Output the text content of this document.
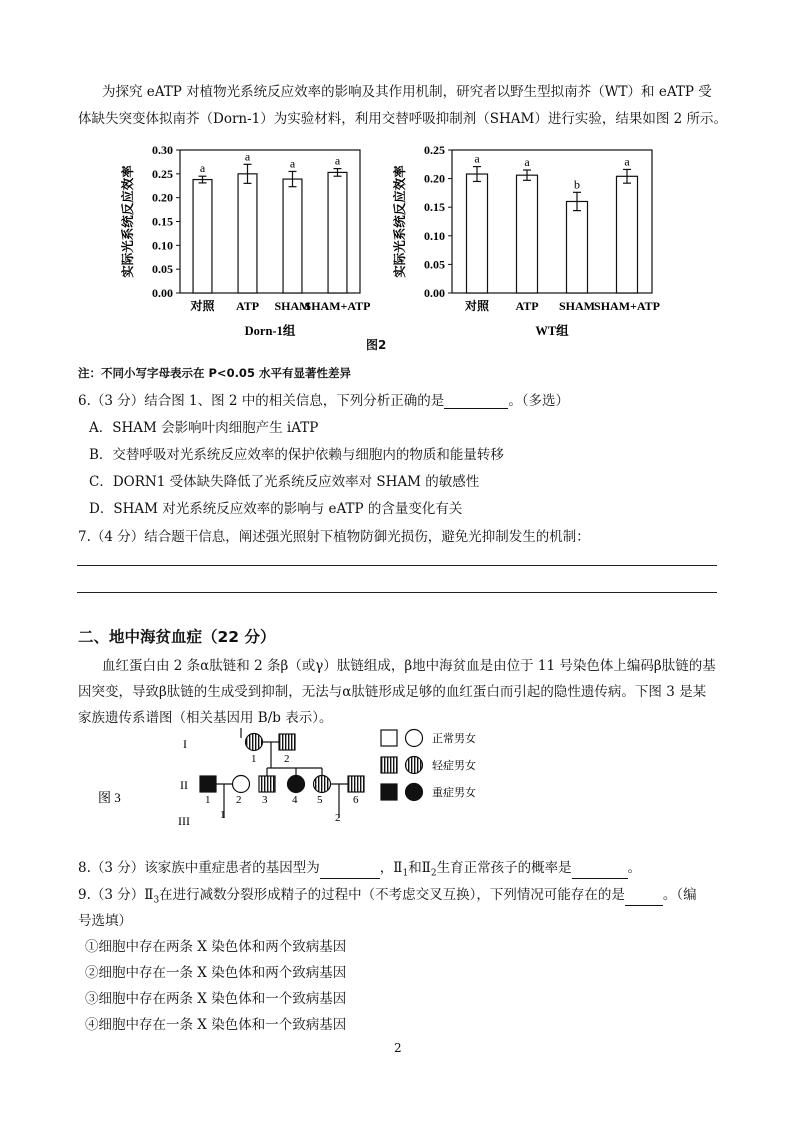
为探究 eATP 对植物光系统反应效率的影响及其作用机制，研究者以野生型拟南芥（WT）和 eATP 受
体缺失突变体拟南芥（Dorn-1）为实验材料，利用交替呼吸抑制剂（SHAM）进行实验，结果如图 2 所示。
0.00
0.05
0.10
0.15
0.20
0.25
0.30
实际光系统反应效率	a
对照
a
ATP
a
SHAM
a
SHAM+ATP
Dorn-1组
0.00
0.05
0.10
0.15
0.20
0.25
实际光系统反应效率
a
对照
a
ATP
b
SHAM
a
SHAM+ATP
WT组
图2
注：不同小写字母表示在 P<0.05 水平有显著性差异
6.（3 分）结合图 1、图 2 中的相关信息，下列分析正确的是	。（多选）
A．SHAM 会影响叶肉细胞产生 iATP
B．交替呼吸对光系统反应效率的保护依赖与细胞内的物质和能量转移
C．DORN1 受体缺失降低了光系统反应效率对 SHAM 的敏感性
D．SHAM 对光系统反应效率的影响与 eATP 的含量变化有关
7.（4 分）结合题干信息，阐述强光照射下植物防御光损伤，避免光抑制发生的机制：
二、地中海贫血症（22 分）
血红蛋白由 2 条α肽链和 2 条β（或γ）肽链组成，β地中海贫血是由位于 11 号染色体上编码β肽链的基
因突变，导致β肽链的生成受到抑制，无法与α肽链形成足够的血红蛋白而引起的隐性遗传病。下图 3 是某
家族遗传系谱图（相关基因用 B/b 表示）。
I
II
III
图 3
1	2
1 2 3 4 5	6
1	2
正常男女
轻症男女
重症男女
8.（3 分）该家族中重症患者的基因型为	，$Ⅱ_1$和$Ⅱ_2$生育正常孩子的概率是	。
9.（3 分）$Ⅱ_3$在进行减数分裂形成精子的过程中（不考虑交叉互换），下列情况可能存在的是	。（编
号选填）
①细胞中存在两条 X 染色体和两个致病基因
②细胞中存在一条 X 染色体和两个致病基因
③细胞中存在两条 X 染色体和一个致病基因
④细胞中存在一条 X 染色体和一个致病基因
2
